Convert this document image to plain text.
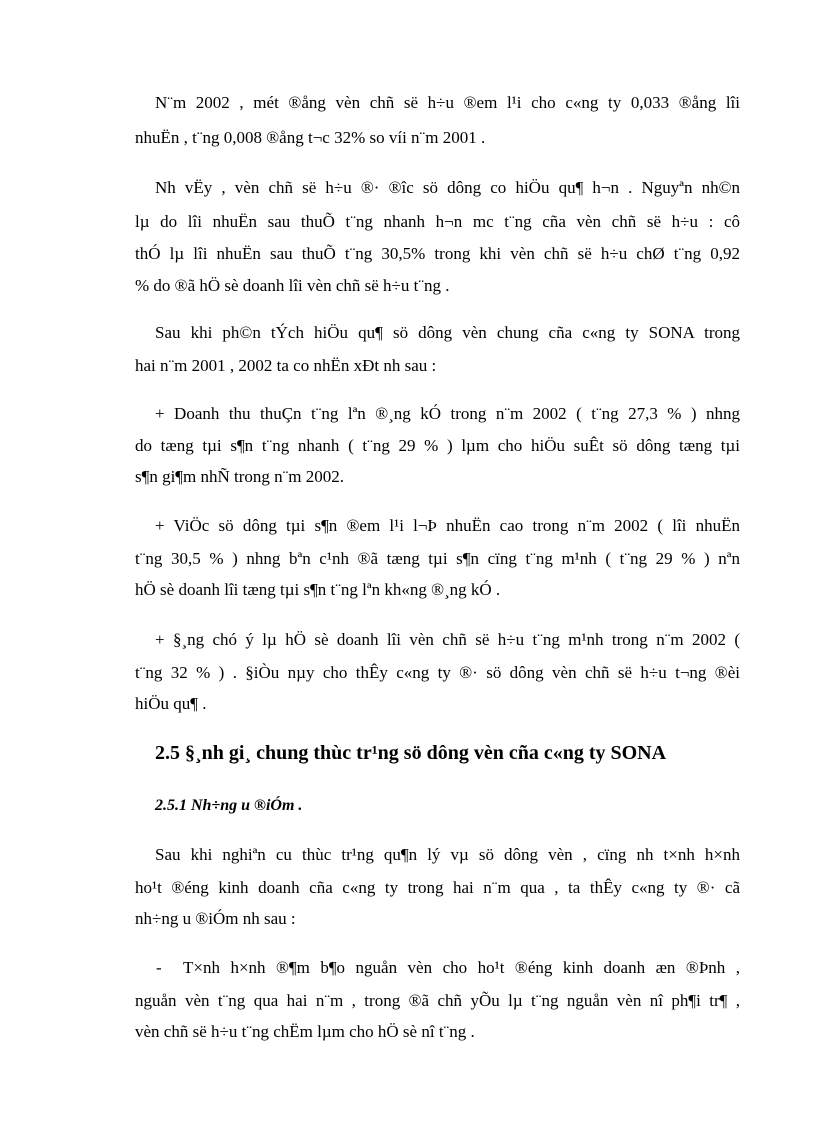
N¨m 2002 , mét ®ång vèn chñ së h÷u ®em l¹i cho c«ng ty 0,033 ®ång lîi
nhuËn , t¨ng 0,008 ®ång t¬c 32% so víi n¨m 2001 .
Nh vËy , vèn chñ së h÷u ®· ®îc sö dông co hiÖu qu¶ h¬n . Nguyªn nh©n
lµ do lîi nhuËn sau thuÕ t¨ng nhanh h¬n mc t¨ng cña vèn chñ së h÷u : cô
thÓ lµ lîi nhuËn sau thuÕ t¨ng 30,5% trong khi vèn chñ së h÷u chØ t¨ng 0,92
% do ®ã hÖ sè doanh lîi vèn chñ së h÷u t¨ng .
Sau khi ph©n tÝch hiÖu qu¶ sö dông vèn chung cña c«ng ty SONA trong
hai n¨m 2001 , 2002 ta co nhËn xÐt nh sau :
+ Doanh thu thuÇn t¨ng lªn ®¸ng kÓ trong n¨m 2002 ( t¨ng 27,3 % ) nhng
do tæng tµi s¶n t¨ng nhanh ( t¨ng 29 % ) lµm cho hiÖu suÊt sö dông tæng tµi
s¶n gi¶m nhÑ trong n¨m 2002.
+ ViÖc sö dông tµi s¶n ®em l¹i l¬Þ nhuËn cao trong n¨m 2002 ( lîi nhuËn
t¨ng 30,5 % ) nhng bªn c¹nh ®ã tæng tµi s¶n cïng t¨ng m¹nh ( t¨ng 29 % ) nªn
hÖ sè doanh lîi tæng tµi s¶n t¨ng lªn kh«ng ®¸ng kÓ .
+ §¸ng chó ý lµ hÖ sè doanh lîi vèn chñ së h÷u t¨ng m¹nh trong n¨m 2002 (
t¨ng 32 % ) . §iÒu nµy cho thÊy c«ng ty ®· sö dông vèn chñ së h÷u t¬ng ®èi
hiÖu qu¶ .
2.5 §¸nh gi¸ chung thùc tr¹ng sö dông vèn cña c«ng ty SONA
2.5.1 Nh÷ng u ®iÓm .
Sau khi nghiªn cu thùc tr¹ng qu¶n lý vµ sö dông vèn , cïng nh t×nh h×nh
ho¹t ®éng kinh doanh cña c«ng ty trong hai n¨m qua , ta thÊy c«ng ty ®· cã
nh÷ng u ®iÓm nh sau :
- T×nh h×nh ®¶m b¶o nguån vèn cho ho¹t ®éng kinh doanh æn ®Þnh ,
nguån vèn t¨ng qua hai n¨m , trong ®ã chñ yÕu lµ t¨ng nguån vèn nî ph¶i tr¶ ,
vèn chñ së h÷u t¨ng chËm lµm cho hÖ sè nî t¨ng .
